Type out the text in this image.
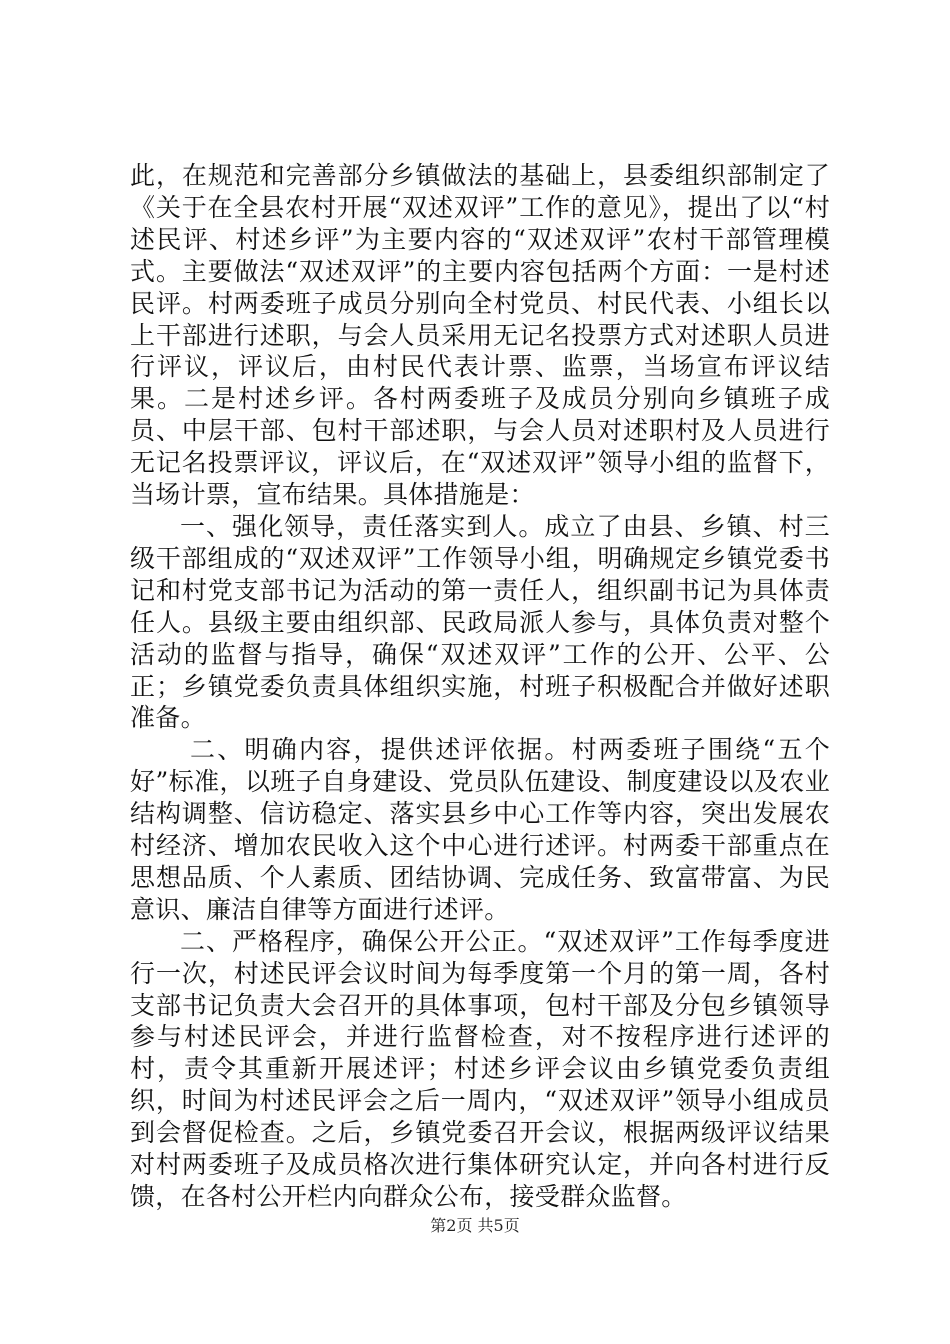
此，在规范和完善部分乡镇做法的基础上，县委组织部制定了《关于在全县农村开展“双述双评”工作的意见》，提出了以“村述民评、村述乡评”为主要内容的“双述双评”农村干部管理模式。主要做法“双述双评”的主要内容包括两个方面：一是村述民评。村两委班子成员分别向全村党员、村民代表、小组长以上干部进行述职，与会人员采用无记名投票方式对述职人员进行评议，评议后，由村民代表计票、监票，当场宣布评议结果。二是村述乡评。各村两委班子及成员分别向乡镇班子成员、中层干部、包村干部述职，与会人员对述职村及人员进行无记名投票评议，评议后，在“双述双评”领导小组的监督下，当场计票，宣布结果。具体措施是：

一、强化领导，责任落实到人。成立了由县、乡镇、村三级干部组成的“双述双评”工作领导小组，明确规定乡镇党委书记和村党支部书记为活动的第一责任人，组织副书记为具体责任人。县级主要由组织部、民政局派人参与，具体负责对整个活动的监督与指导，确保“双述双评”工作的公开、公平、公正；乡镇党委负责具体组织实施，村班子积极配合并做好述职准备。

二、明确内容，提供述评依据。村两委班子围绕“五个好”标准，以班子自身建设、党员队伍建设、制度建设以及农业结构调整、信访稳定、落实县乡中心工作等内容，突出发展农村经济、增加农民收入这个中心进行述评。村两委干部重点在思想品质、个人素质、团结协调、完成任务、致富带富、为民意识、廉洁自律等方面进行述评。

二、严格程序，确保公开公正。“双述双评”工作每季度进行一次，村述民评会议时间为每季度第一个月的第一周，各村支部书记负责大会召开的具体事项，包村干部及分包乡镇领导参与村述民评会，并进行监督检查，对不按程序进行述评的村，责令其重新开展述评；村述乡评会议由乡镇党委负责组织，时间为村述民评会之后一周内，“双述双评”领导小组成员到会督促检查。之后，乡镇党委召开会议，根据两级评议结果对村两委班子及成员格次进行集体研究认定，并向各村进行反馈，在各村公开栏内向群众公布，接受群众监督。

第2页 共5页
